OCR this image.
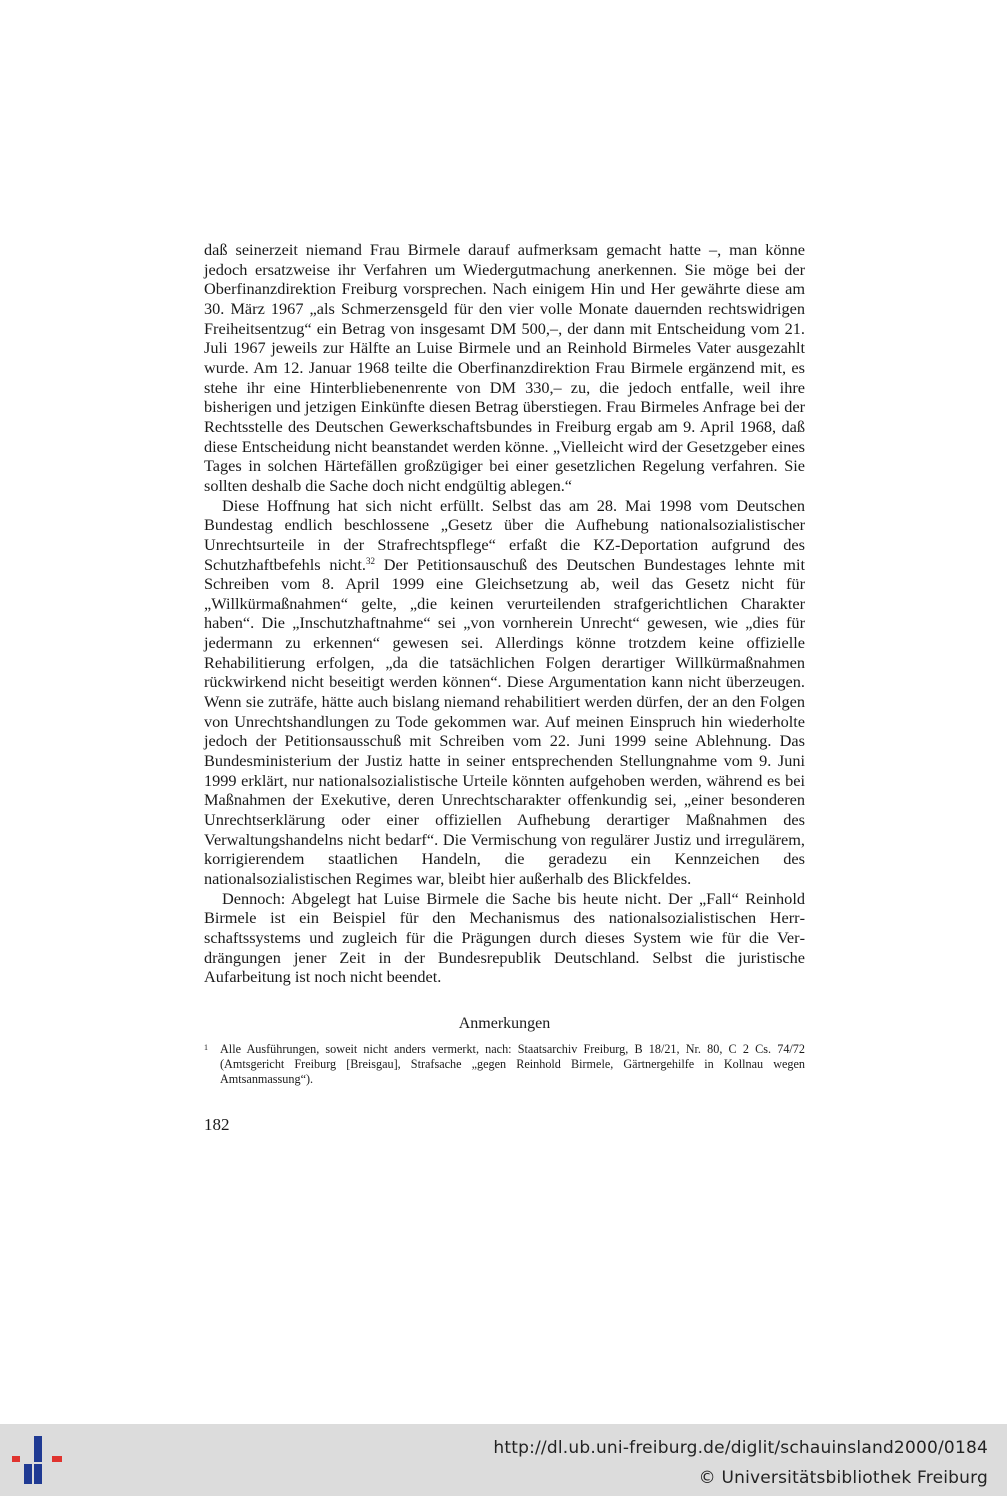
daß seinerzeit niemand Frau Birmele darauf aufmerksam gemacht hatte –, man könne jedoch ersatzweise ihr Verfahren um Wiedergutmachung anerkennen. Sie möge bei der Oberfinanzdirektion Freiburg vorsprechen. Nach einigem Hin und Her gewährte diese am 30. März 1967 „als Schmerzensgeld für den vier volle Monate dauernden rechtswidrigen Freiheitsentzug“ ein Betrag von insgesamt DM 500,–, der dann mit Entscheidung vom 21. Juli 1967 jeweils zur Hälfte an Luise Birmele und an Reinhold Birmeles Vater ausgezahlt wurde. Am 12. Januar 1968 teilte die Oberfinanzdirektion Frau Birmele ergänzend mit, es stehe ihr eine Hinterbliebenenrente von DM 330,– zu, die jedoch entfalle, weil ihre bisherigen und jetzigen Einkünfte diesen Betrag überstiegen. Frau Birmeles Anfrage bei der Rechtsstelle des Deutschen Gewerkschaftsbundes in Freiburg ergab am 9. April 1968, daß diese Entscheidung nicht beanstandet werden könne. „Vielleicht wird der Gesetzgeber eines Tages in solchen Härtefällen großzügiger bei einer gesetzlichen Regelung verfahren. Sie sollten deshalb die Sache doch nicht endgültig ablegen.“

Diese Hoffnung hat sich nicht erfüllt. Selbst das am 28. Mai 1998 vom Deutschen Bundestag endlich beschlossene „Gesetz über die Aufhebung nationalsozialistischer Unrechtsurteile in der Strafrechtspflege“ erfaßt die KZ-Deportation aufgrund des Schutzhaftbefehls nicht.$^{32}$ Der Petitionsauschuß des Deutschen Bundestages lehnte mit Schreiben vom 8. April 1999 eine Gleichsetzung ab, weil das Gesetz nicht für „Willkürmaßnahmen“ gelte, „die keinen verurteilenden strafgerichtlichen Charakter haben“. Die „Inschutzhaftnahme“ sei „von vornherein Unrecht“ gewesen, wie „dies für jedermann zu erkennen“ gewesen sei. Allerdings könne trotzdem keine offizielle Rehabilitierung erfolgen, „da die tatsächlichen Folgen derartiger Willkürmaßnahmen rückwirkend nicht beseitigt werden können“. Diese Argumentation kann nicht überzeugen. Wenn sie zuträfe, hätte auch bislang niemand rehabilitiert werden dürfen, der an den Folgen von Unrechtshandlungen zu Tode gekommen war. Auf meinen Einspruch hin wiederholte jedoch der Petitionsausschuß mit Schreiben vom 22. Juni 1999 seine Ablehnung. Das Bundesministerium der Justiz hatte in seiner entsprechenden Stellungnahme vom 9. Juni 1999 erklärt, nur nationalsozialistische Urteile könnten aufgehoben werden, während es bei Maßnahmen der Exekutive, deren Unrechtscharakter offenkundig sei, „einer besonderen Unrechtserklärung oder einer offiziellen Aufhebung derartiger Maßnahmen des Verwaltungshandelns nicht bedarf“. Die Vermischung von regulärer Justiz und irregulärem, korrigierendem staatlichen Handeln, die geradezu ein Kennzeichen des nationalsozialistischen Regimes war, bleibt hier außerhalb des Blickfeldes.

Dennoch: Abgelegt hat Luise Birmele die Sache bis heute nicht. Der „Fall“ Reinhold Birmele ist ein Beispiel für den Mechanismus des nationalsozialistischen Herrschaftssystems und zugleich für die Prägungen durch dieses System wie für die Verdrängungen jener Zeit in der Bundesrepublik Deutschland. Selbst die juristische Aufarbeitung ist noch nicht beendet.

Anmerkungen

1 Alle Ausführungen, soweit nicht anders vermerkt, nach: Staatsarchiv Freiburg, B 18/21, Nr. 80, C 2 Cs. 74/72 (Amtsgericht Freiburg [Breisgau], Strafsache „gegen Reinhold Birmele, Gärtnergehilfe in Kollnau wegen Amtsanmassung“).

182
http://dl.ub.uni-freiburg.de/diglit/schauinsland2000/0184
© Universitätsbibliothek Freiburg
